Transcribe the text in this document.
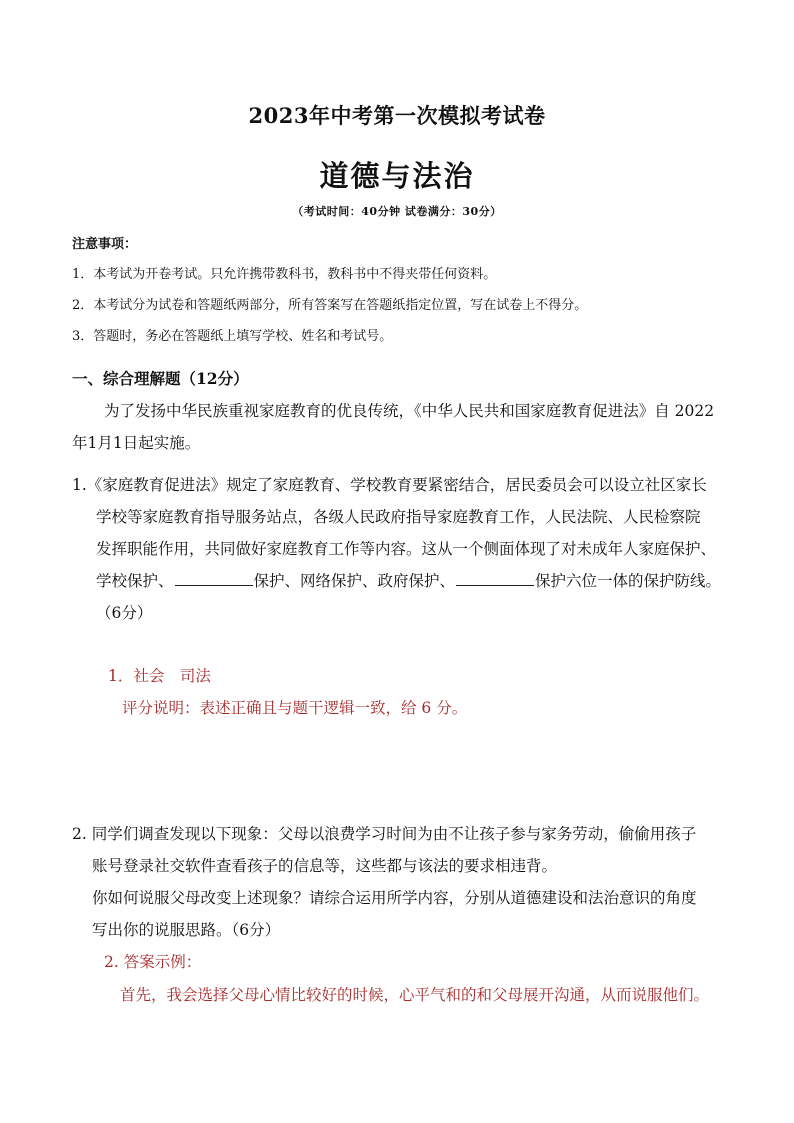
2023年中考第一次模拟考试卷
道德与法治
（考试时间：40分钟 试卷满分：30分）
注意事项：
1．本考试为开卷考试。只允许携带教科书，教科书中不得夹带任何资料。
2．本考试分为试卷和答题纸两部分，所有答案写在答题纸指定位置，写在试卷上不得分。
3．答题时，务必在答题纸上填写学校、姓名和考试号。
一、综合理解题（12分）
为了发扬中华民族重视家庭教育的优良传统，《中华人民共和国家庭教育促进法》自 2022
年1月1日起实施。
1.《家庭教育促进法》规定了家庭教育、学校教育要紧密结合，居民委员会可以设立社区家长
学校等家庭教育指导服务站点，各级人民政府指导家庭教育工作，人民法院、人民检察院
发挥职能作用，共同做好家庭教育工作等内容。这从一个侧面体现了对未成年人家庭保护、
学校保护、	保护、网络保护、政府保护、	保护六位一体的保护防线。
（6分）
1．社会　司法
评分说明：表述正确且与题干逻辑一致，给 6 分。
2. 同学们调查发现以下现象：父母以浪费学习时间为由不让孩子参与家务劳动，偷偷用孩子
账号登录社交软件查看孩子的信息等，这些都与该法的要求相违背。
你如何说服父母改变上述现象？请综合运用所学内容，分别从道德建设和法治意识的角度
写出你的说服思路。（6分）
2. 答案示例：
首先，我会选择父母心情比较好的时候，心平气和的和父母展开沟通，从而说服他们。
